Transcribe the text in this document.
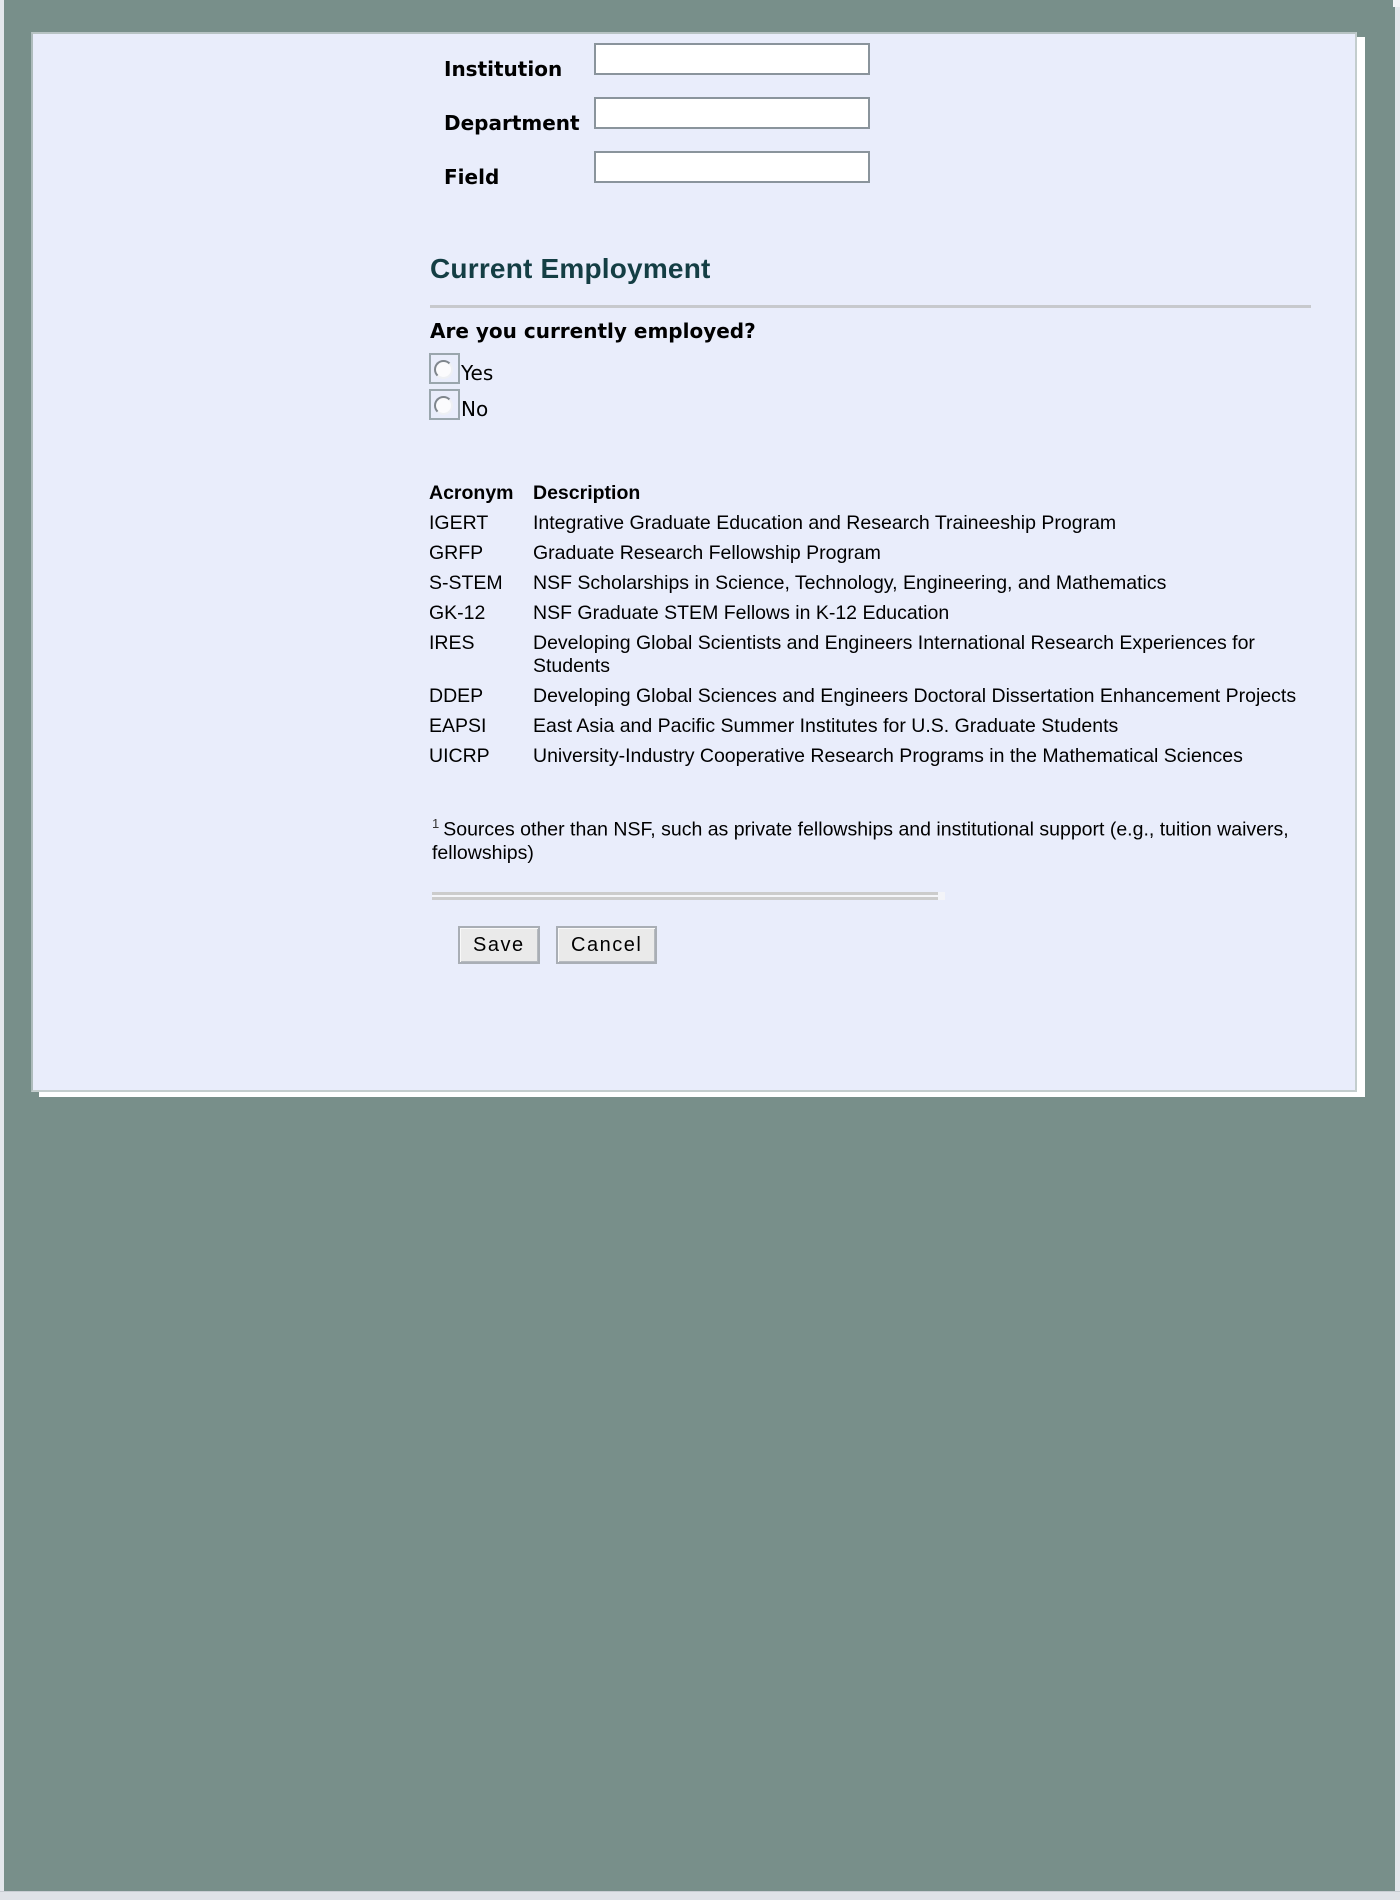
Institution
Department
Field
Current Employment
Are you currently employed?
Yes
No
Acronym	Description
IGERT	Integrative Graduate Education and Research Traineeship Program
GRFP	Graduate Research Fellowship Program
S-STEM	NSF Scholarships in Science, Technology, Engineering, and Mathematics
GK-12	NSF Graduate STEM Fellows in K-12 Education
IRES	Developing Global Scientists and Engineers International Research Experiences for Students
DDEP	Developing Global Sciences and Engineers Doctoral Dissertation Enhancement Projects
EAPSI	East Asia and Pacific Summer Institutes for U.S. Graduate Students
UICRP	University-Industry Cooperative Research Programs in the Mathematical Sciences
$^1$ Sources other than NSF, such as private fellowships and institutional support (e.g., tuition waivers, fellowships)
Save	Cancel
